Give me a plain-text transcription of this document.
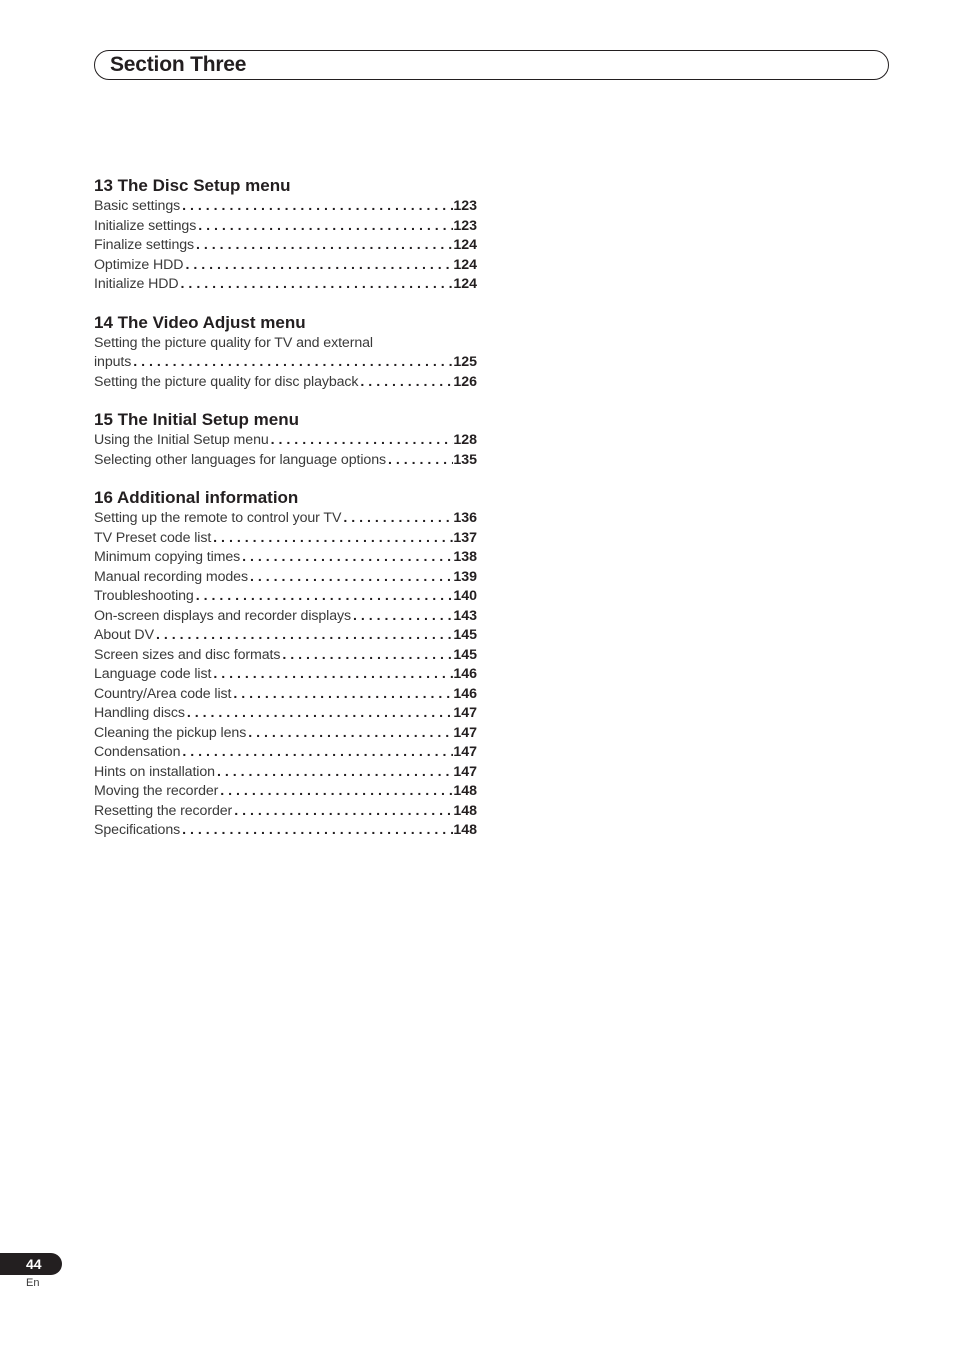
Section Three
13 The Disc Setup menu
Basic settings . . .	123
Initialize settings . . .	123
Finalize settings . . .	124
Optimize HDD . . .	124
Initialize HDD . . .	124
14 The Video Adjust menu
Setting the picture quality for TV and external
inputs . . .	125
Setting the picture quality for disc playback . . .	126
15 The Initial Setup menu
Using the Initial Setup menu . . .	128
Selecting other languages for language options . . .	135
16 Additional information
Setting up the remote to control your TV . . .	136
TV Preset code list . . .	137
Minimum copying times . . .	138
Manual recording modes . . .	139
Troubleshooting . . .	140
On-screen displays and recorder displays . . .	143
About DV . . .	145
Screen sizes and disc formats . . .	145
Language code list . . .	146
Country/Area code list . . .	146
Handling discs . . .	147
Cleaning the pickup lens . . .	147
Condensation . . .	147
Hints on installation . . .	147
Moving the recorder . . .	148
Resetting the recorder . . .	148
Specifications . . .	148
44
En
